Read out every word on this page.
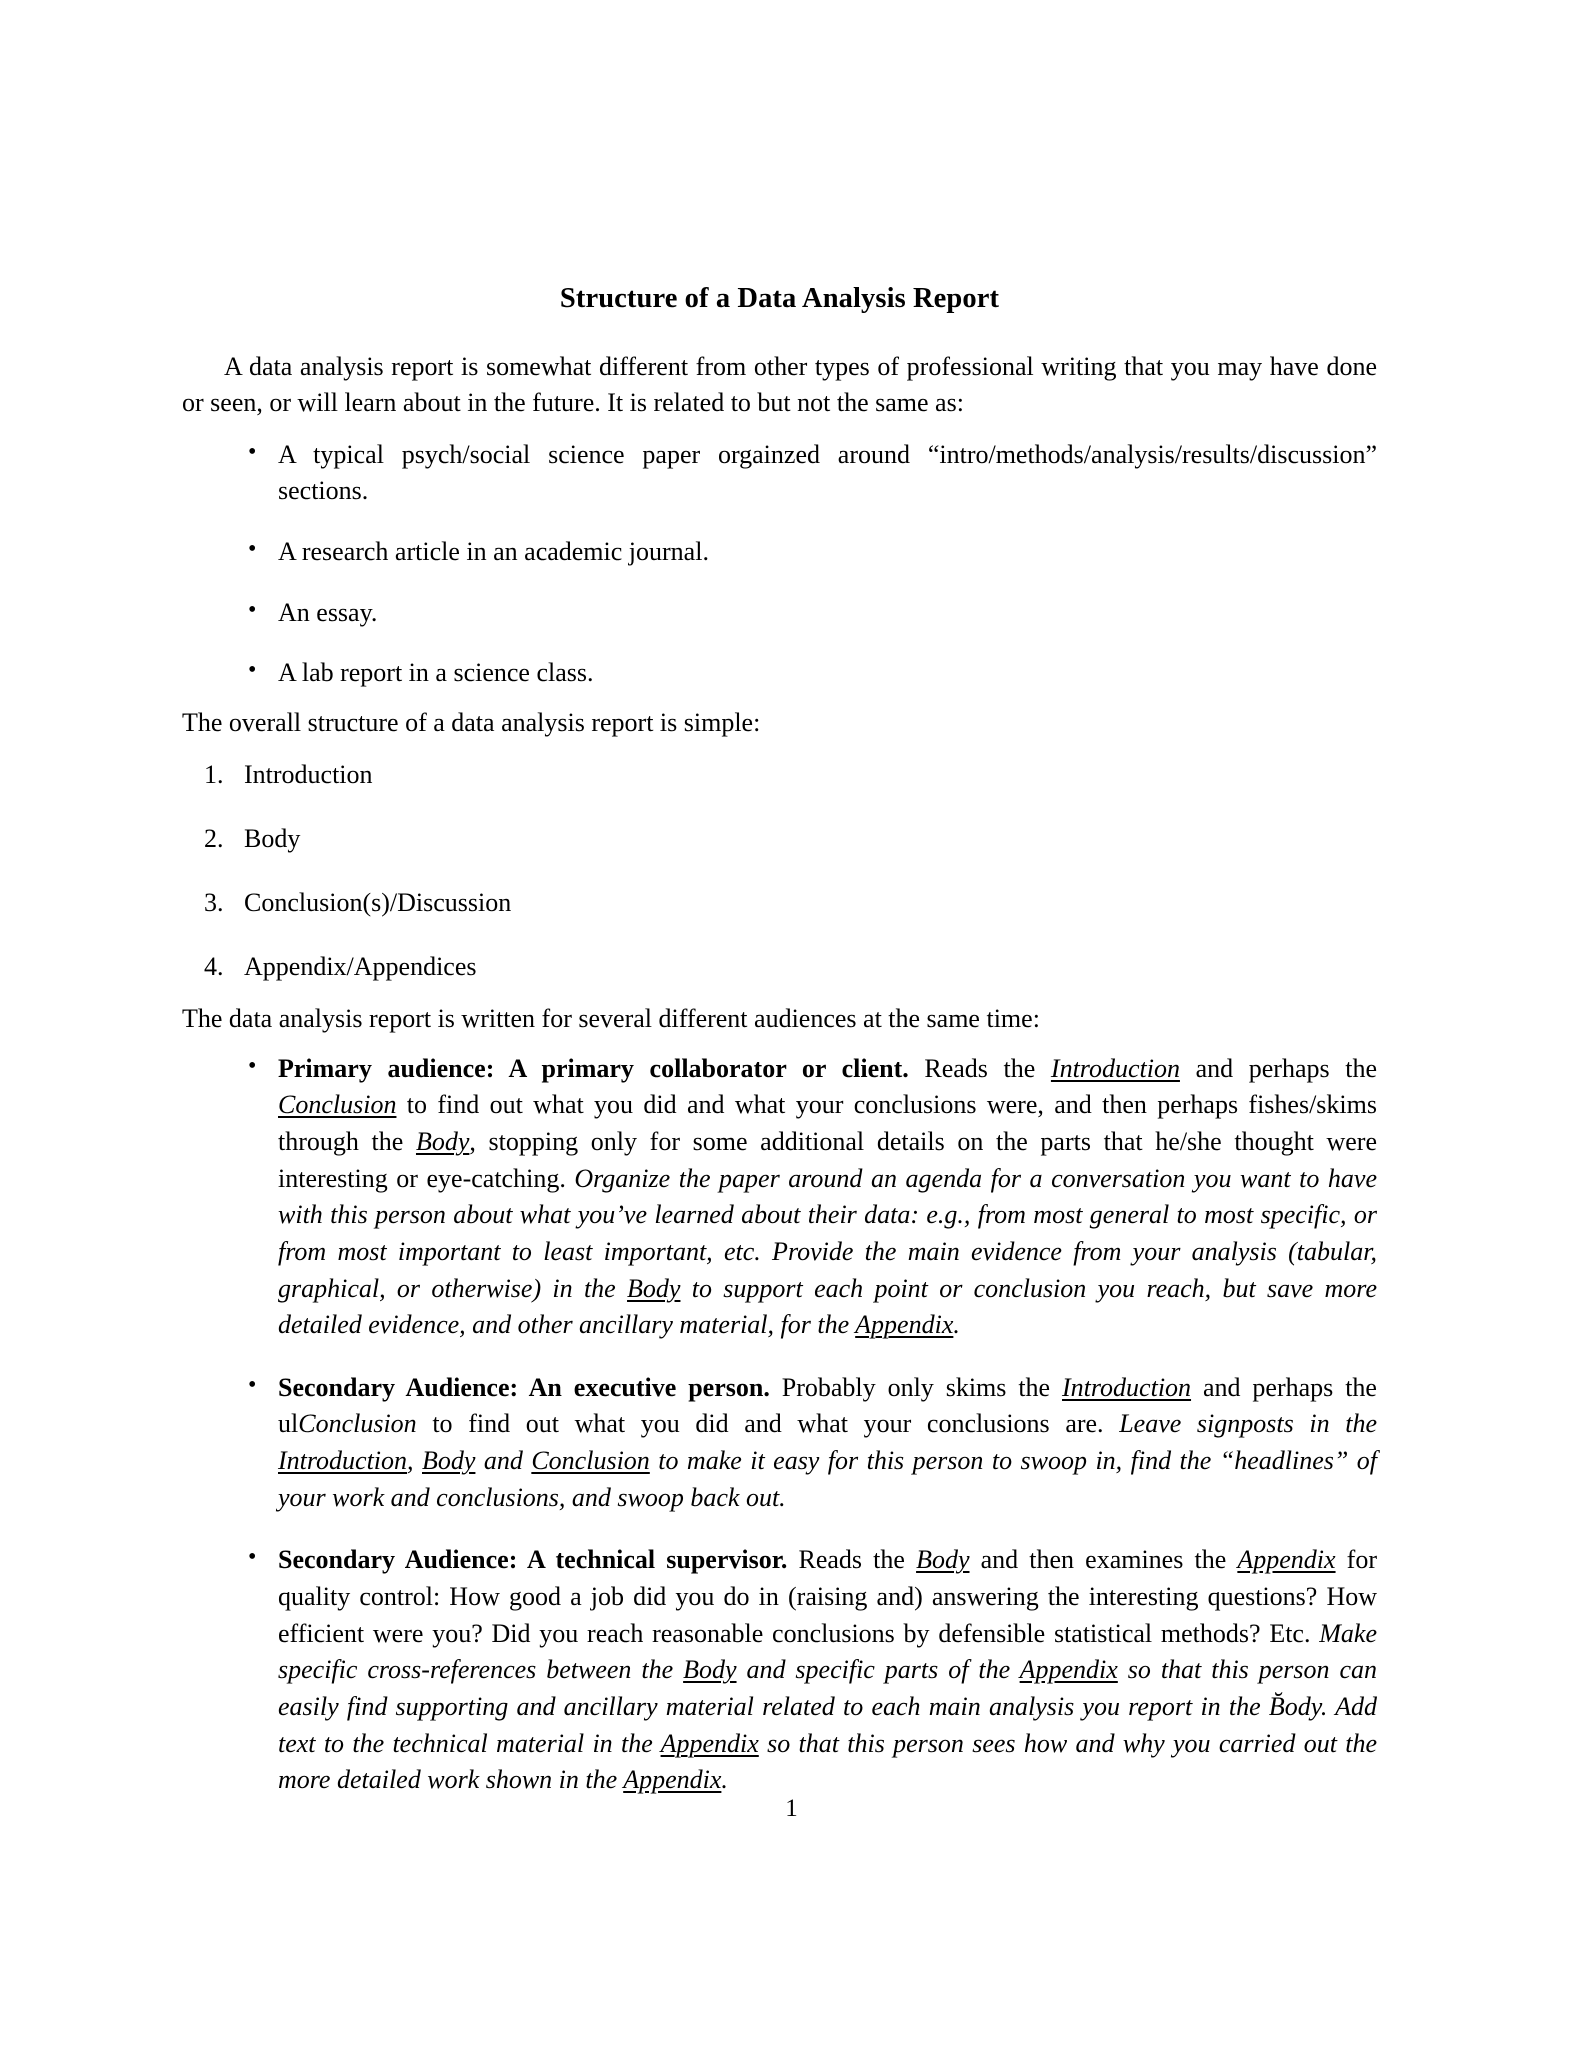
Structure of a Data Analysis Report

A data analysis report is somewhat different from other types of professional writing that you may have done or seen, or will learn about in the future. It is related to but not the same as:

• A typical psych/social science paper orgainzed around “intro/methods/analysis/results/discussion” sections.
• A research article in an academic journal.
• An essay.
• A lab report in a science class.

The overall structure of a data analysis report is simple:

1. Introduction
2. Body
3. Conclusion(s)/Discussion
4. Appendix/Appendices

The data analysis report is written for several different audiences at the same time:

• Primary audience: A primary collaborator or client. Reads the Introduction and perhaps the Conclusion to find out what you did and what your conclusions were, and then perhaps fishes/skims through the Body, stopping only for some additional details on the parts that he/she thought were interesting or eye-catching. Organize the paper around an agenda for a conversation you want to have with this person about what you’ve learned about their data: e.g., from most general to most specific, or from most important to least important, etc. Provide the main evidence from your analysis (tabular, graphical, or otherwise) in the Body to support each point or conclusion you reach, but save more detailed evidence, and other ancillary material, for the Appendix.
• Secondary Audience: An executive person. Probably only skims the Introduction and perhaps the ulConclusion to find out what you did and what your conclusions are. Leave signposts in the Introduction, Body and Conclusion to make it easy for this person to swoop in, find the “headlines” of your work and conclusions, and swoop back out.
• Secondary Audience: A technical supervisor. Reads the Body and then examines the Appendix for quality control: How good a job did you do in (raising and) answering the interesting questions? How efficient were you? Did you reach reasonable conclusions by defensible statistical methods? Etc. Make specific cross-references between the Body and specific parts of the Appendix so that this person can easily find supporting and ancillary material related to each main analysis you report in the B̆ody. Add text to the technical material in the Appendix so that this person sees how and why you carried out the more detailed work shown in the Appendix.
1
